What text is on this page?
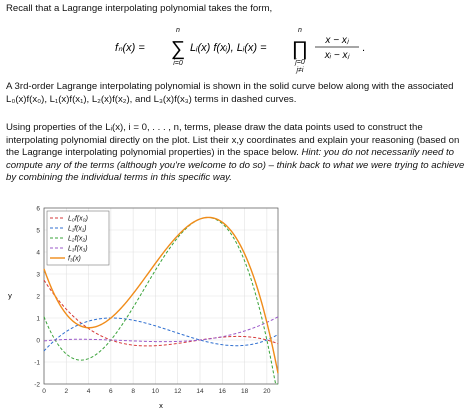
Recall that a Lagrange interpolating polynomial takes the form,

fₙ(x) =
n
∑
i=0
Lᵢ(x) f(xᵢ), Lᵢ(x) =
n
∏
j=0
j≠i
x − xⱼ
xᵢ − xⱼ
.

A 3rd-order Lagrange interpolating polynomial is shown in the solid curve below along with the associated L₀(x)f(x₀), L₁(x)f(x₁), L₂(x)f(x₂), and L₃(x)f(x₃) terms in dashed curves.

Using properties of the Lᵢ(x), i = 0, . . . , n, terms, please draw the data points used to construct the interpolating polynomial directly on the plot. List their x,y coordinates and explain your reasoning (based on the Lagrange interpolating polynomial properties) in the space below. Hint: you do not necessarily need to compute any of the terms (although you're welcome to do so) – think back to what we were trying to achieve by combining the individual terms in this specific way.

0	2	4	6	8	10 12 14 16 18 20
-2
-1
0
1
2
3
4
5
6
L₀f(x₀)
L₁f(x₁)
L₂f(x₂)
L₃f(x₃)
f₃(x)
x
y
